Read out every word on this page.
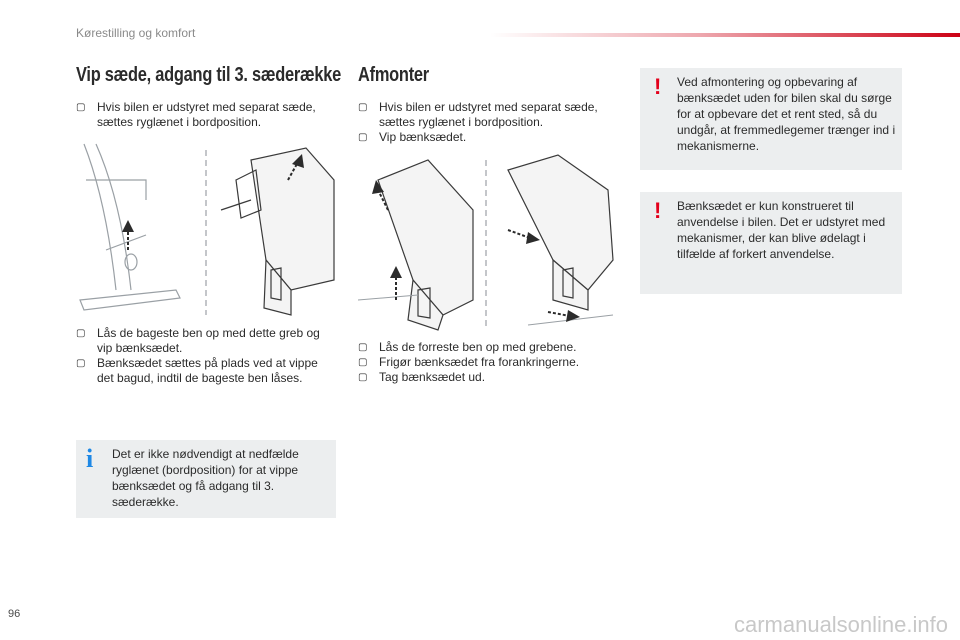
Kørestilling og komfort
Vip sæde, adgang til 3. sæderække
▢ Hvis bilen er udstyret med separat sæde, sættes ryglænet i bordposition.
▢ Lås de bageste ben op med dette greb og vip bænksædet.
▢ Bænksædet sættes på plads ved at vippe det bagud, indtil de bageste ben låses.
i Det er ikke nødvendigt at nedfælde ryglænet (bordposition) for at vippe bænksædet og få adgang til 3. sæderække.
Afmonter
▢ Hvis bilen er udstyret med separat sæde, sættes ryglænet i bordposition.
▢ Vip bænksædet.
▢ Lås de forreste ben op med grebene.
▢ Frigør bænksædet fra forankringerne.
▢ Tag bænksædet ud.
! Ved afmontering og opbevaring af bænksædet uden for bilen skal du sørge for at opbevare det et rent sted, så du undgår, at fremmedlegemer trænger ind i mekanismerne.
! Bænksædet er kun konstrueret til anvendelse i bilen. Det er udstyret med mekanismer, der kan blive ødelagt i tilfælde af forkert anvendelse.
96	carmanualsonline.info
